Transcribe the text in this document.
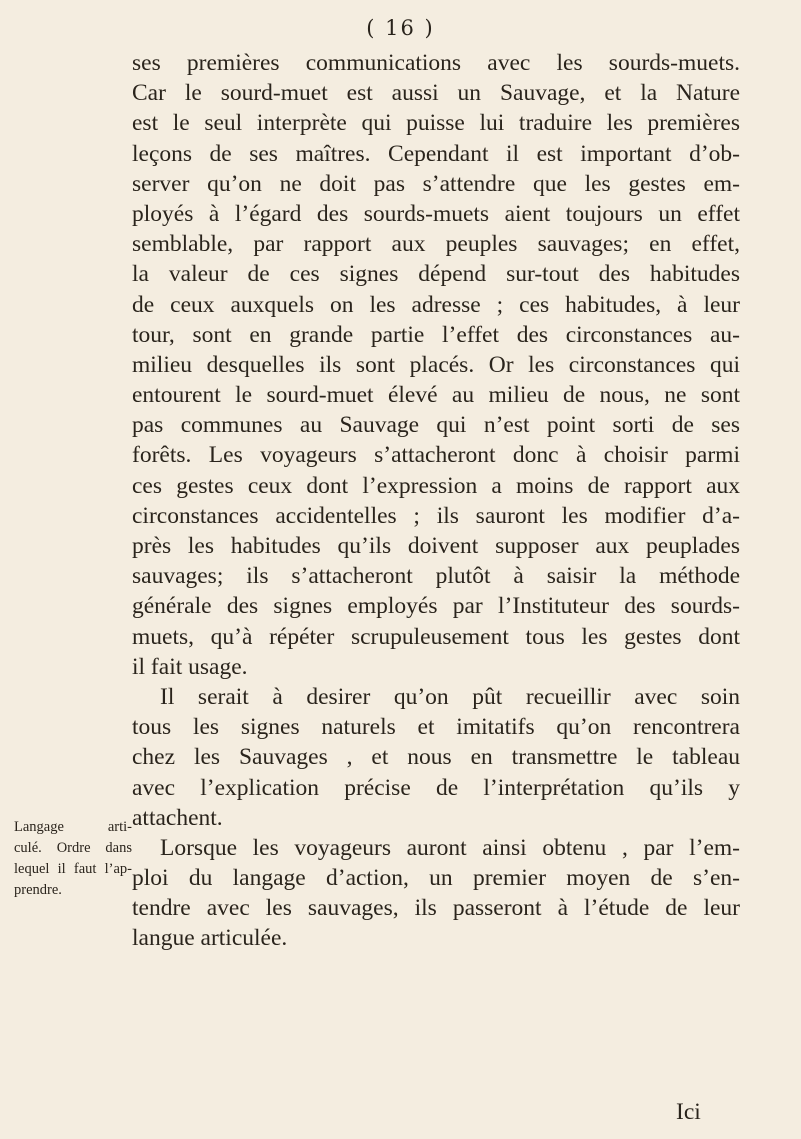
( 16 )
ses premières communications avec les sourds-muets.
Car le sourd-muet est aussi un Sauvage, et la Nature
est le seul interprète qui puisse lui traduire les premières
leçons de ses maîtres. Cependant il est important d’ob-
server qu’on ne doit pas s’attendre que les gestes em-
ployés à l’égard des sourds-muets aient toujours un effet
semblable, par rapport aux peuples sauvages; en effet,
la valeur de ces signes dépend sur-tout des habitudes
de ceux auxquels on les adresse ; ces habitudes, à leur
tour, sont en grande partie l’effet des circonstances au-
milieu desquelles ils sont placés. Or les circonstances qui
entourent le sourd-muet élevé au milieu de nous, ne sont
pas communes au Sauvage qui n’est point sorti de ses
forêts. Les voyageurs s’attacheront donc à choisir parmi
ces gestes ceux dont l’expression a moins de rapport aux
circonstances accidentelles ; ils sauront les modifier d’a-
près les habitudes qu’ils doivent supposer aux peuplades
sauvages; ils s’attacheront plutôt à saisir la méthode
générale des signes employés par l’Instituteur des sourds-
muets, qu’à répéter scrupuleusement tous les gestes dont
il fait usage.
Il serait à desirer qu’on pût recueillir avec soin
tous les signes naturels et imitatifs qu’on rencontrera
chez les Sauvages , et nous en transmettre le tableau
avec l’explication précise de l’interprétation qu’ils y
attachent.
Lorsque les voyageurs auront ainsi obtenu , par l’em-
ploi du langage d’action, un premier moyen de s’en-
tendre avec les sauvages, ils passeront à l’étude de leur
langue articulée.
Langage arti-
culé. Ordre dans
lequel il faut l’ap-
prendre.
Ici
